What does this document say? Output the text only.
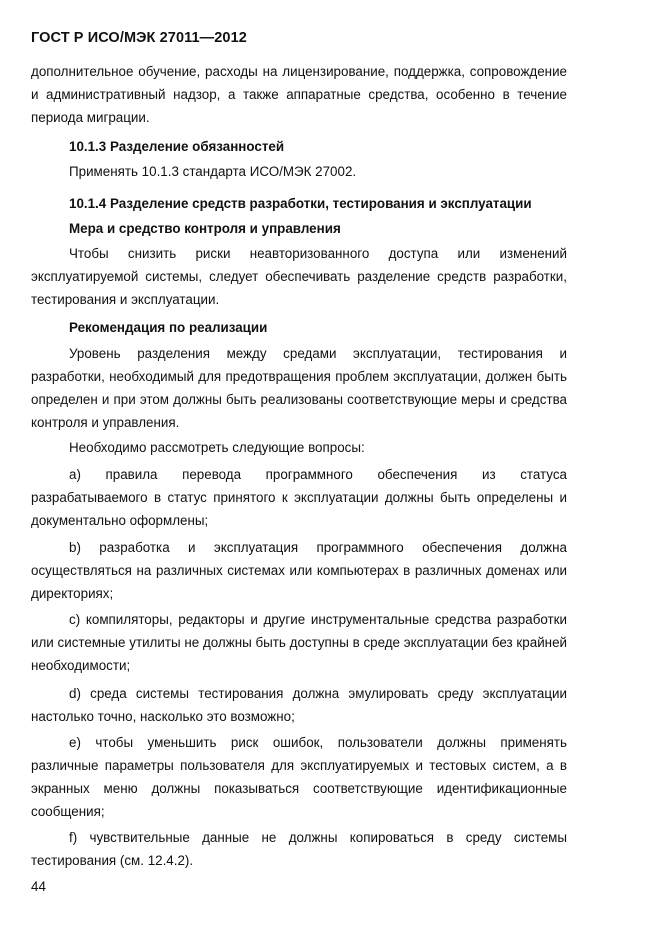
ГОСТ Р ИСО/МЭК 27011—2012
дополнительное обучение, расходы на лицензирование, поддержка, сопровождение
и административный надзор, а также аппаратные средства, особенно в течение
периода миграции.
10.1.3 Разделение обязанностей
Применять 10.1.3 стандарта ИСО/МЭК 27002.
10.1.4 Разделение средств разработки, тестирования и эксплуатации
Мера и средство контроля и управления
Чтобы снизить риски неавторизованного доступа или изменений
эксплуатируемой системы, следует обеспечивать разделение средств разработки,
тестирования и эксплуатации.
Рекомендация по реализации
Уровень разделения между средами эксплуатации, тестирования и
разработки, необходимый для предотвращения проблем эксплуатации, должен быть
определен и при этом должны быть реализованы соответствующие меры и средства
контроля и управления.
Необходимо рассмотреть следующие вопросы:
а) правила перевода программного обеспечения из статуса
разрабатываемого в статус принятого к эксплуатации должны быть определены и
документально оформлены;
b) разработка и эксплуатация программного обеспечения должна
осуществляться на различных системах или компьютерах в различных доменах или
директориях;
с) компиляторы, редакторы и другие инструментальные средства разработки
или системные утилиты не должны быть доступны в среде эксплуатации без крайней
необходимости;
d) среда системы тестирования должна эмулировать среду эксплуатации
настолько точно, насколько это возможно;
е) чтобы уменьшить риск ошибок, пользователи должны применять
различные параметры пользователя для эксплуатируемых и тестовых систем, а в
экранных меню должны показываться соответствующие идентификационные
сообщения;
f) чувствительные данные не должны копироваться в среду системы
тестирования (см. 12.4.2).
44
